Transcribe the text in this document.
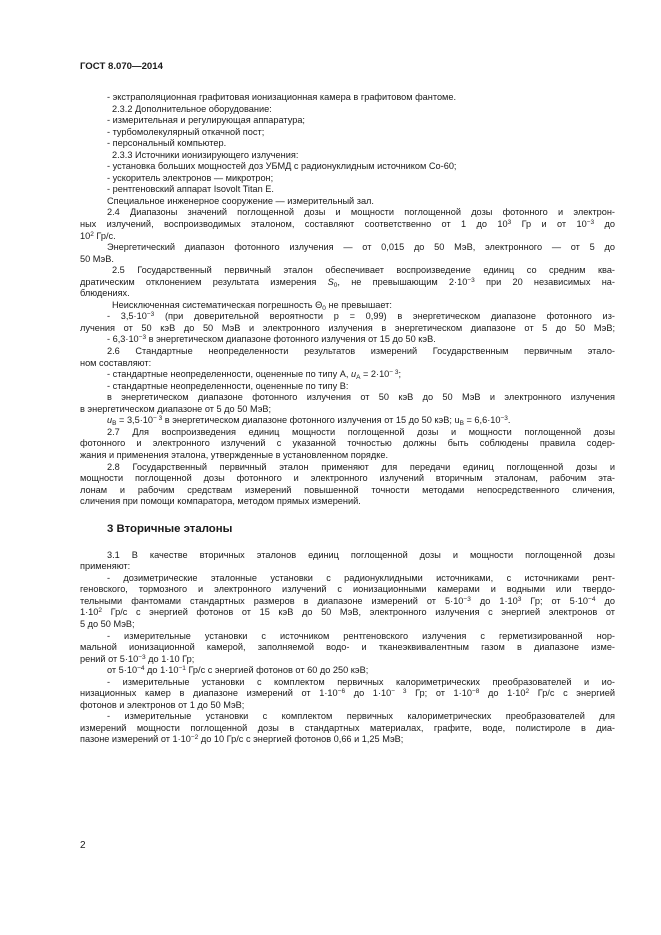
ГОСТ 8.070—2014
- экстраполяционная графитовая ионизационная камера в графитовом фантоме.
2.3.2 Дополнительное оборудование:
- измерительная и регулирующая аппаратура;
- турбомолекулярный откачной пост;
- персональный компьютер.
2.3.3 Источники ионизирующего излучения:
- установка больших мощностей доз УБМД с радионуклидным источником Co-60;
- ускоритель электронов — микротрон;
- рентгеновский аппарат Isovolt Titan E.
Специальное инженерное сооружение — измерительный зал.
2.4 Диапазоны значений поглощенной дозы и мощности поглощенной дозы фотонного и электрон-
ных излучений, воспроизводимых эталоном, составляют соответственно от 1 до $10^3$ Гр и от $10^{-3}$ до
$10^2$ Гр/с.
Энергетический диапазон фотонного излучения — от 0,015 до 50 МэВ, электронного — от 5 до
50 МэВ.
2.5 Государственный первичный эталон обеспечивает воспроизведение единиц со средним ква-
дратическим отклонением результата измерения $S_0$, не превышающим $2\cdot 10^{-3}$ при 20 независимых на-
блюдениях.
Неисключенная систематическая погрешность $\Theta_0$ не превышает:
- $3,5\cdot 10^{-3}$ (при доверительной вероятности р = 0,99) в энергетическом диапазоне фотонного из-
лучения от 50 кэВ до 50 МэВ и электронного излучения в энергетическом диапазоне от 5 до 50 МэВ;
- $6,3\cdot 10^{-3}$ в энергетическом диапазоне фотонного излучения от 15 до 50 кэВ.
2.6 Стандартные неопределенности результатов измерений Государственным первичным этало-
ном составляют:
- стандартные неопределенности, оцененные по типу А, $u_A = 2\cdot 10^{- 3}$;
- стандартные неопределенности, оцененные по типу В:
в энергетическом диапазоне фотонного излучения от 50 кэВ до 50 МэВ и электронного излучения
в энергетическом диапазоне от 5 до 50 МэВ;
$u_B = 3,5\cdot 10^{- 3}$ в энергетическом диапазоне фотонного излучения от 15 до 50 кэВ; $u_B = 6,6\cdot 10^{-3}$.
2.7 Для воспроизведения единиц мощности поглощенной дозы и мощности поглощенной дозы
фотонного и электронного излучений с указанной точностью должны быть соблюдены правила содер-
жания и применения эталона, утвержденные в установленном порядке.
2.8 Государственный первичный эталон применяют для передачи единиц поглощенной дозы и
мощности поглощенной дозы фотонного и электронного излучений вторичным эталонам, рабочим эта-
лонам и рабочим средствам измерений повышенной точности методами непосредственного сличения,
сличения при помощи компаратора, методом прямых измерений.
3 Вторичные эталоны
3.1 В качестве вторичных эталонов единиц поглощенной дозы и мощности поглощенной дозы
применяют:
- дозиметрические эталонные установки с радионуклидными источниками, с источниками рент-
геновского, тормозного и электронного излучений с ионизационными камерами и водными или твердо-
тельными фантомами стандартных размеров в диапазоне измерений от $5\cdot 10^{-3}$ до $1\cdot 10^3$ Гр; от $5\cdot 10^{-4}$ до
$1\cdot 10^2$ Гр/с с энергией фотонов от 15 кэВ до 50 МэВ, электронного излучения с энергией электронов от
5 до 50 МэВ;
- измерительные установки с источником рентгеновского излучения с герметизированной нор-
мальной ионизационной камерой, заполняемой водо- и тканеэквивалентным газом в диапазоне изме-
рений от $5\cdot 10^{-3}$ до 1·10 Гр;
от $5\cdot 10^{-4}$ до $1\cdot 10^{-1}$ Гр/с с энергией фотонов от 60 до 250 кэВ;
- измерительные установки с комплектом первичных калориметрических преобразователей и ио-
низационных камер в диапазоне измерений от $1\cdot 10^{-6}$ до $1\cdot 10^{- 3}$ Гр; от $1\cdot 10^{-8}$ до $1\cdot 10^2$ Гр/с с энергией
фотонов и электронов от 1 до 50 МэВ;
- измерительные установки с комплектом первичных калориметрических преобразователей для
измерений мощности поглощенной дозы в стандартных материалах, графите, воде, полистироле в диа-
пазоне измерений от $1\cdot 10^{-2}$ до 10 Гр/с с энергией фотонов 0,66 и 1,25 МэВ;
2
